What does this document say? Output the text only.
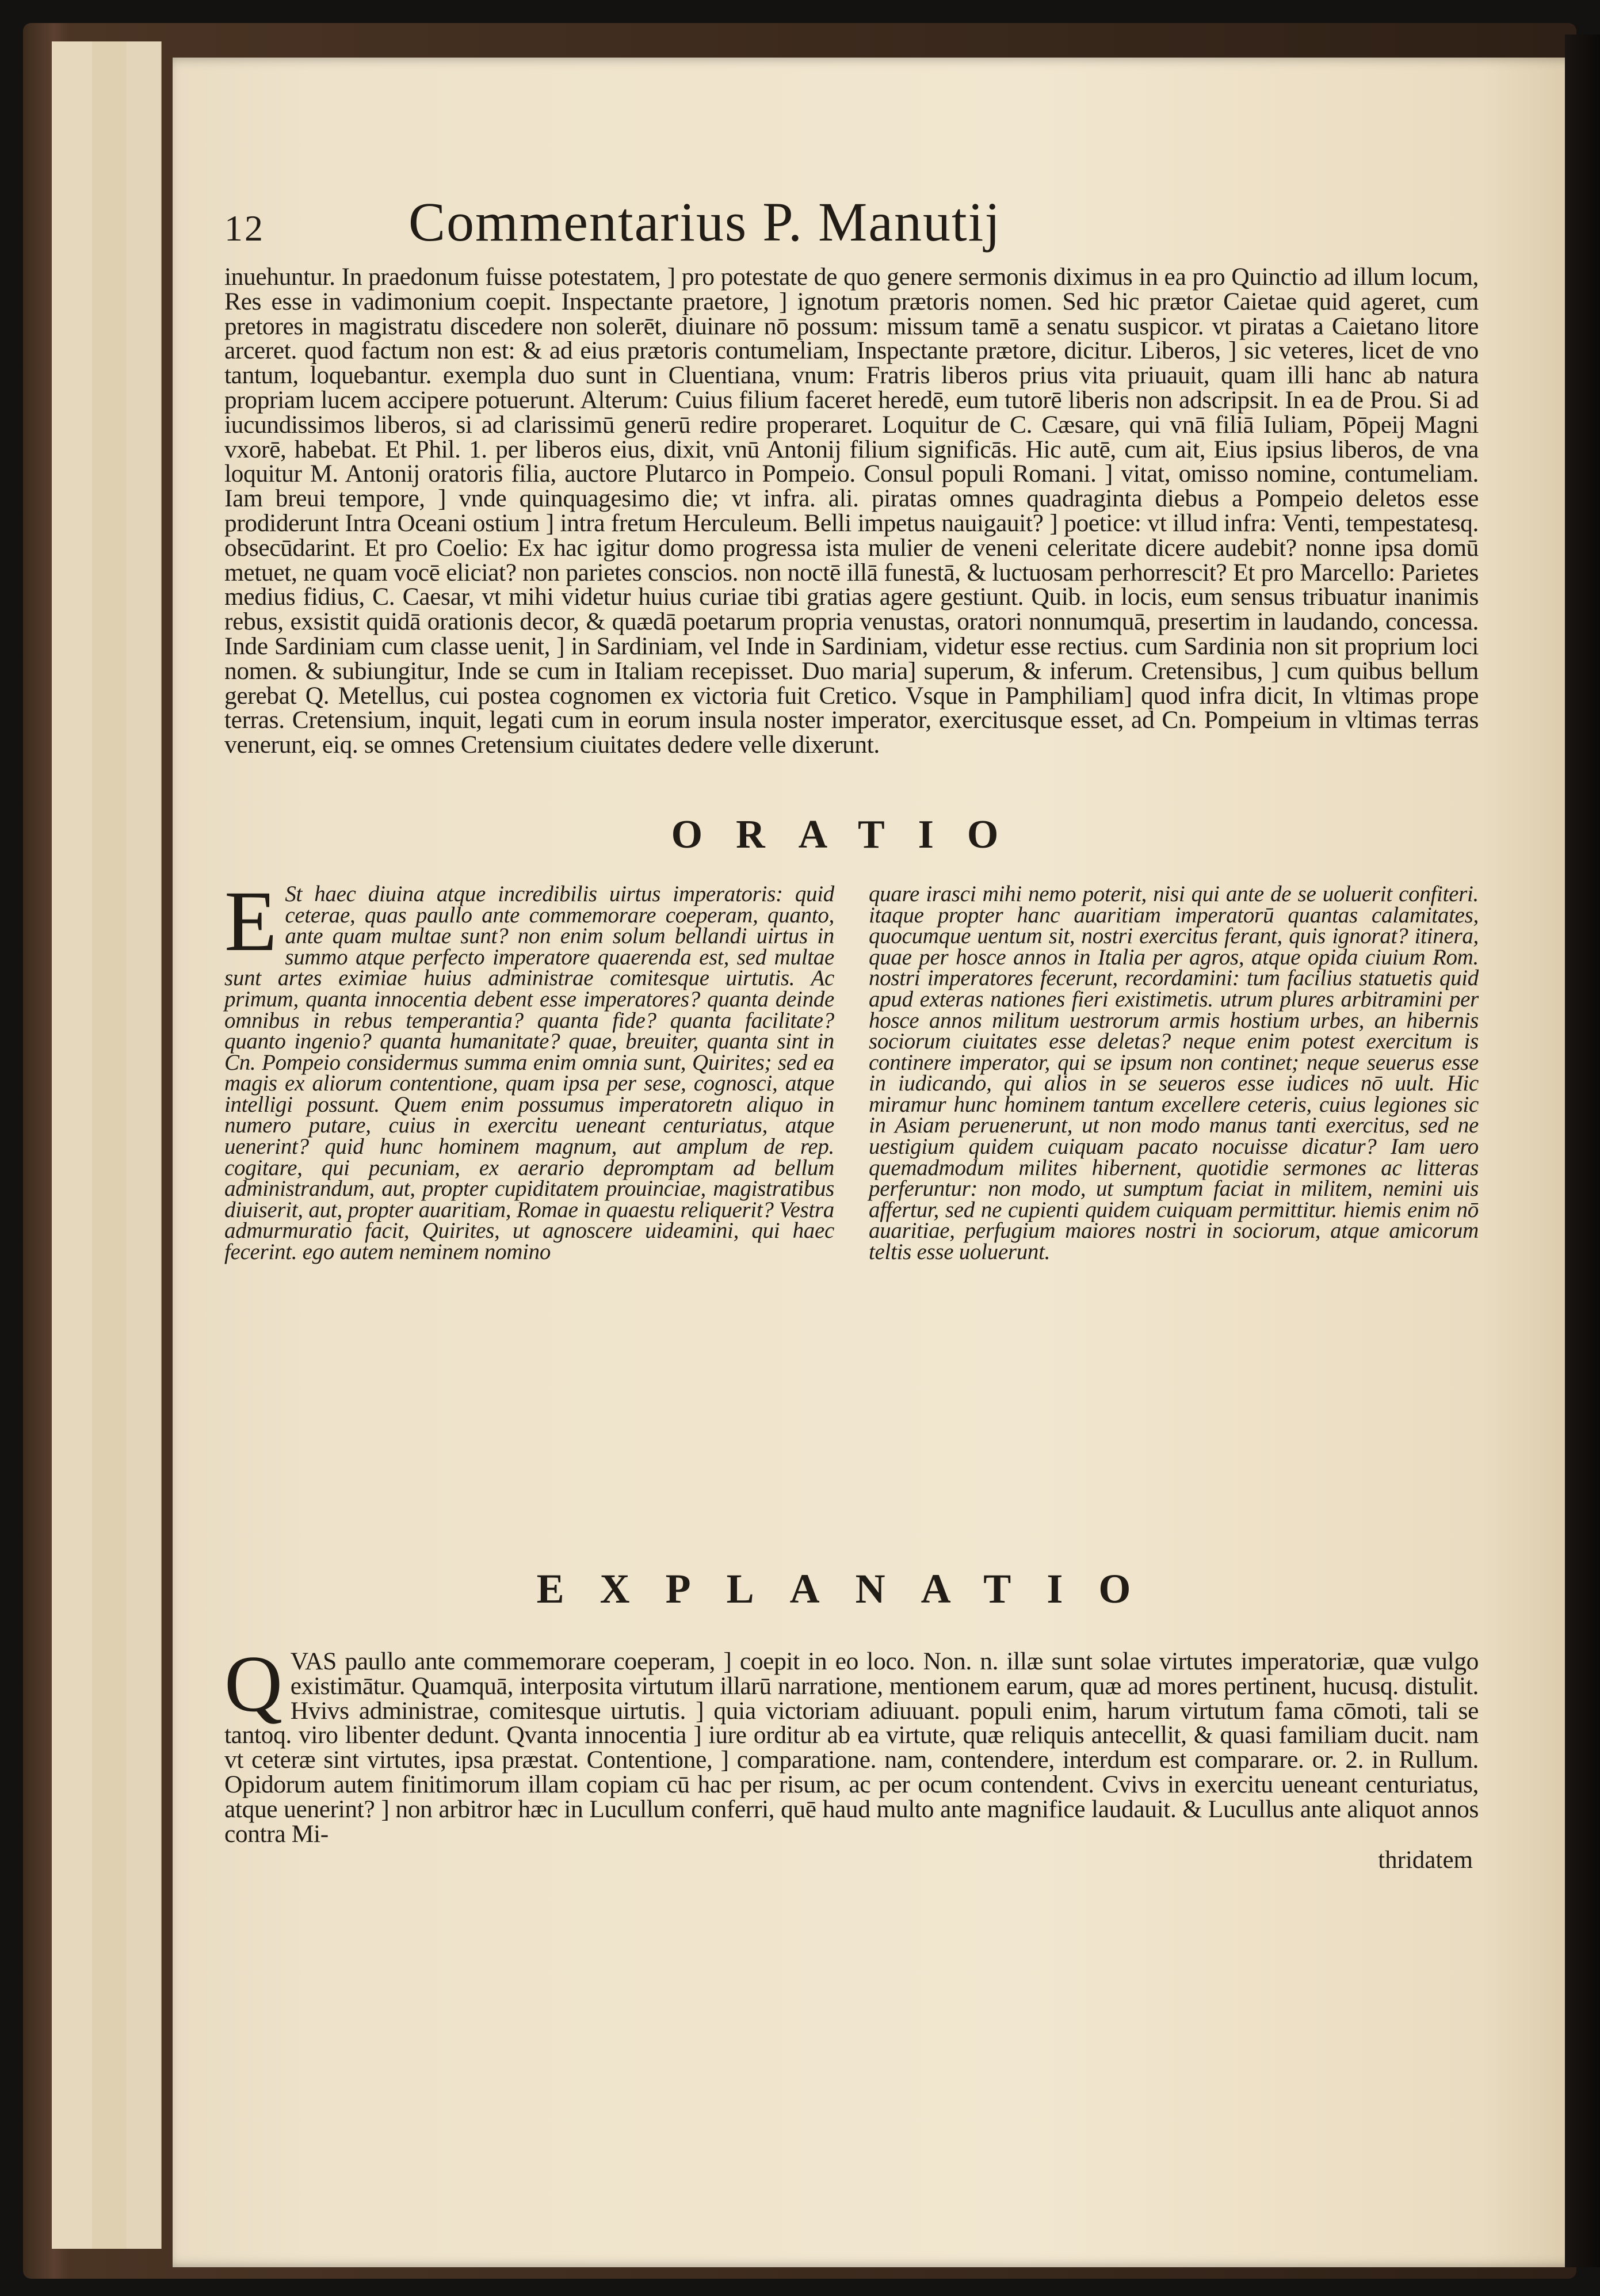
12	Commentarius P. Manutij

inuehuntur. In praedonum fuisse potestatem, ] pro potestate de quo genere sermonis diximus in ea pro Quinctio ad illum locum, Res esse in vadimonium coepit. Inspectante praetore, ] ignotum prætoris nomen. Sed hic prætor Caietae quid ageret, cum pretores in magistratu discedere non solerēt, diuinare nō possum: missum tamē a senatu suspicor. vt piratas a Caietano litore arceret. quod factum non est: & ad eius prætoris contumeliam, Inspectante prætore, dicitur. Liberos, ] sic veteres, licet de vno tantum, loquebantur. exempla duo sunt in Cluentiana, vnum: Fratris liberos prius vita priuauit, quam illi hanc ab natura propriam lucem accipere potuerunt. Alterum: Cuius filium faceret heredē, eum tutorē liberis non adscripsit. In ea de Prou. Si ad iucundissimos liberos, si ad clarissimū generū redire properaret. Loquitur de C. Cæsare, qui vnā filiā Iuliam, Pōpeij Magni vxorē, habebat. Et Phil. 1. per liberos eius, dixit, vnū Antonij filium significās. Hic autē, cum ait, Eius ipsius liberos, de vna loquitur M. Antonij oratoris filia, auctore Plutarco in Pompeio. Consul populi Romani. ] vitat, omisso nomine, contumeliam. Iam breui tempore, ] vnde quinquagesimo die; vt infra. ali. piratas omnes quadraginta diebus a Pompeio deletos esse prodiderunt Intra Oceani ostium ] intra fretum Herculeum. Belli impetus nauigauit? ] poetice: vt illud infra: Venti, tempestatesq. obsecūdarint. Et pro Coelio: Ex hac igitur domo progressa ista mulier de veneni celeritate dicere audebit? nonne ipsa domū metuet, ne quam vocē eliciat? non parietes conscios. non noctē illā funestā, & luctuosam perhorrescit? Et pro Marcello: Parietes medius fidius, C. Caesar, vt mihi videtur huius curiae tibi gratias agere gestiunt. Quib. in locis, eum sensus tribuatur inanimis rebus, exsistit quidā orationis decor, & quædā poetarum propria venustas, oratori nonnumquā, presertim in laudando, concessa. Inde Sardiniam cum classe uenit, ] in Sardiniam, vel Inde in Sardiniam, videtur esse rectius. cum Sardinia non sit proprium loci nomen. & subiungitur, Inde se cum in Italiam recepisset. Duo maria] superum, & inferum. Cretensibus, ] cum quibus bellum gerebat Q. Metellus, cui postea cognomen ex victoria fuit Cretico. Vsque in Pamphiliam] quod infra dicit, In vltimas prope terras. Cretensium, inquit, legati cum in eorum insula noster imperator, exercitusque esset, ad Cn. Pompeium in vltimas terras venerunt, eiq. se omnes Cretensium ciuitates dedere velle dixerunt.

ORATIO

E St haec diuina atque incredibilis uirtus imperatoris: quid ceterae, quas paullo ante commemorare coeperam, quanto, ante quam multae sunt? non enim solum bellandi uirtus in summo atque perfecto imperatore quaerenda est, sed multae sunt artes eximiae huius administrae comitesque uirtutis. Ac primum, quanta innocentia debent esse imperatores? quanta deinde omnibus in rebus temperantia? quanta fide? quanta facilitate? quanto ingenio? quanta humanitate? quae, breuiter, quanta sint in Cn. Pompeio considermus summa enim omnia sunt, Quirites; sed ea magis ex aliorum contentione, quam ipsa per sese, cognosci, atque intelligi possunt. Quem enim possumus imperatoretn aliquo in numero putare, cuius in exercitu ueneant centuriatus, atque uenerint? quid hunc hominem magnum, aut amplum de rep. cogitare, qui pecuniam, ex aerario depromptam ad bellum administrandum, aut, propter cupiditatem prouinciae, magistratibus diuiserit, aut, propter auaritiam, Romae in quaestu reliquerit? Vestra admurmuratio facit, Quirites, ut agnoscere uideamini, qui haec fecerint. ego autem neminem nomino

quare irasci mihi nemo poterit, nisi qui ante de se uoluerit confiteri. itaque propter hanc auaritiam imperatorū quantas calamitates, quocumque uentum sit, nostri exercitus ferant, quis ignorat? itinera, quae per hosce annos in Italia per agros, atque opida ciuium Rom. nostri imperatores fecerunt, recordamini: tum facilius statuetis quid apud exteras nationes fieri existimetis. utrum plures arbitramini per hosce annos militum uestrorum armis hostium urbes, an hibernis sociorum ciuitates esse deletas? neque enim potest exercitum is continere imperator, qui se ipsum non continet; neque seuerus esse in iudicando, qui alios in se seueros esse iudices nō uult. Hic miramur hunc hominem tantum excellere ceteris, cuius legiones sic in Asiam peruenerunt, ut non modo manus tanti exercitus, sed ne uestigium quidem cuiquam pacato nocuisse dicatur? Iam uero quemadmodum milites hibernent, quotidie sermones ac litteras perferuntur: non modo, ut sumptum faciat in militem, nemini uis affertur, sed ne cupienti quidem cuiquam permittitur. hiemis enim nō auaritiae, perfugium maiores nostri in sociorum, atque amicorum teltis esse uoluerunt.

EXPLANATIO

QVAS paullo ante commemorare coeperam, ] coepit in eo loco. Non. n. illæ sunt solae virtutes imperatoriæ, quæ vulgo existimātur. Quamquā, interposita virtutum illarū narratione, mentionem earum, quæ ad mores pertinent, hucusq. distulit. Hvivs administrae, comitesque uirtutis. ] quia victoriam adiuuant. populi enim, harum virtutum fama cōmoti, tali se tantoq. viro libenter dedunt. Qvanta innocentia ] iure orditur ab ea virtute, quæ reliquis antecellit, & quasi familiam ducit. nam vt ceteræ sint virtutes, ipsa præstat. Contentione, ] comparatione. nam, contendere, interdum est comparare. or. 2. in Rullum. Opidorum autem finitimorum illam copiam cū hac per risum, ac per ocum contendent. Cvivs in exercitu ueneant centuriatus, atque uenerint? ] non arbitror hæc in Lucullum conferri, quē haud multo ante magnifice laudauit. & Lucullus ante aliquot annos contra Mi-

thridatem
